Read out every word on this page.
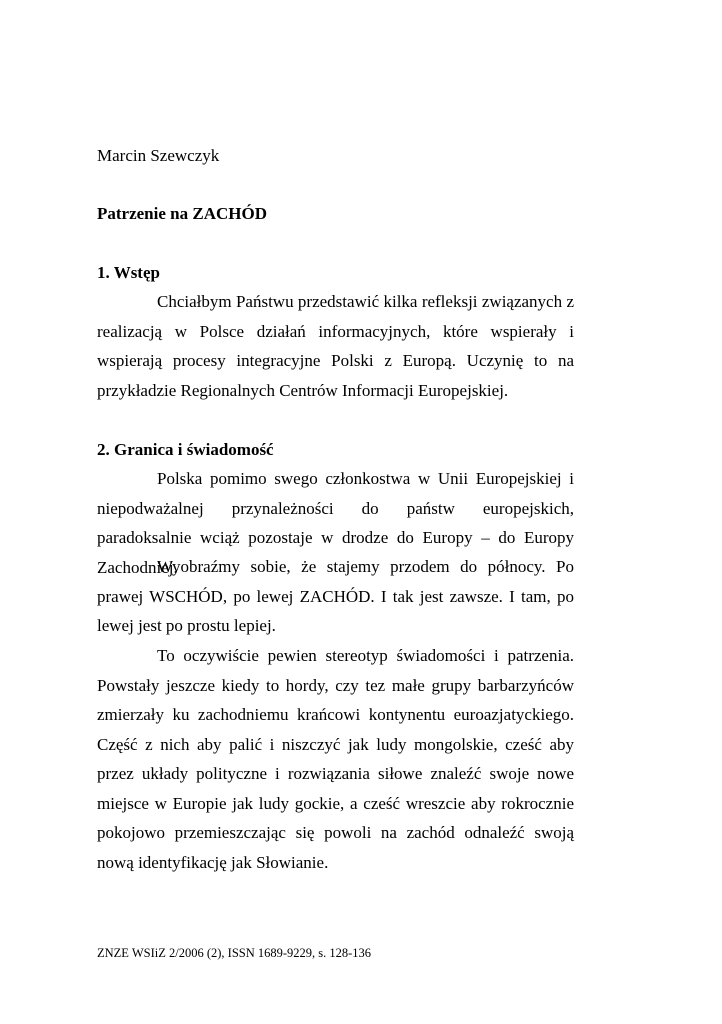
Marcin Szewczyk

Patrzenie na ZACHÓD
1. Wstęp

Chciałbym Państwu przedstawić kilka refleksji związanych z realizacją w Polsce działań informacyjnych, które wspierały i wspierają procesy integracyjne Polski z Europą. Uczynię to na przykładzie Regionalnych Centrów Informacji Europejskiej.

2. Granica i świadomość

Polska pomimo swego członkostwa w Unii Europejskiej i niepodważalnej przynależności do państw europejskich, paradoksalnie wciąż pozostaje w drodze do Europy – do Europy Zachodniej.

Wyobraźmy sobie, że stajemy przodem do północy. Po prawej WSCHÓD, po lewej ZACHÓD. I tak jest zawsze. I tam, po lewej jest po prostu lepiej.

To oczywiście pewien stereotyp świadomości i patrzenia. Powstały jeszcze kiedy to hordy, czy tez małe grupy barbarzyńców zmierzały ku zachodniemu krańcowi kontynentu euroazjatyckiego. Część z nich aby palić i niszczyć jak ludy mongolskie, cześć aby przez układy polityczne i rozwiązania siłowe znaleźć swoje nowe miejsce w Europie jak ludy gockie, a cześć wreszcie aby rokrocznie pokojowo przemieszczając się powoli na zachód odnaleźć swoją nową identyfikację jak Słowianie.

ZNZE WSIiZ 2/2006 (2), ISSN 1689-9229, s. 128-136
